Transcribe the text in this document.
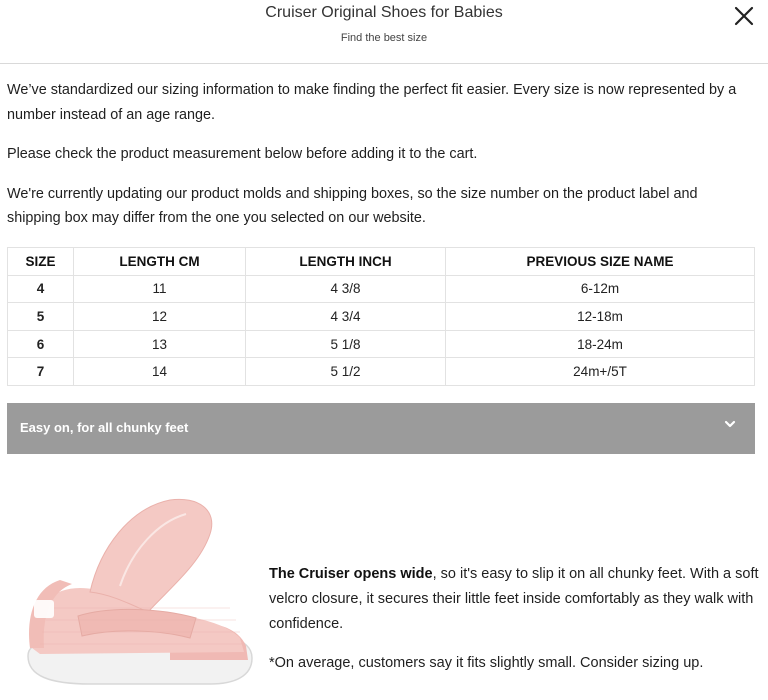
Cruiser Original Shoes for Babies
Find the best size

We’ve standardized our sizing information to make finding the perfect fit easier. Every size is now represented by a number instead of an age range.

Please check the product measurement below before adding it to the cart.

We're currently updating our product molds and shipping boxes, so the size number on the product label and shipping box may differ from the one you selected on our website.

SIZE	LENGTH CM	LENGTH INCH	PREVIOUS SIZE NAME
4	11	4 3/8	6-12m
5	12	4 3/4	12-18m
6	13	5 1/8	18-24m
7	14	5 1/2	24m+/5T
Easy on, for all chunky feet
The Cruiser opens wide, so it's easy to slip it on all chunky feet. With a soft velcro closure, it secures their little feet inside comfortably as they walk with confidence.
*On average, customers say it fits slightly small. Consider sizing up.
